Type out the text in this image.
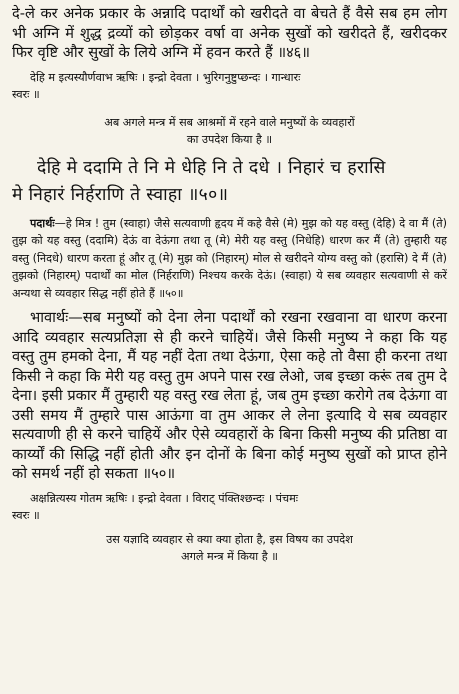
दे-ले कर अनेक प्रकार के अन्नादि पदार्थों को खरीदते वा बेचते हैं वैसे सब हम लोग भी अग्नि में शुद्ध द्रव्यों को छोड़कर वर्षा वा अनेक सुखों को खरीदते हैं, खरीदकर फिर वृष्टि और सुखों के लिये अग्नि में हवन करते हैं ॥४६॥

देहि म इत्यस्यौर्णवाभ ऋषिः । इन्द्रो देवता । भुरिगनुष्टुप्छन्दः । गान्धारः

स्वरः ॥

अब अगले मन्त्र में सब आश्रमों में रहने वाले मनुष्यों के व्यवहारों

का उपदेश किया है ॥

देहि मे ददामि ते नि मे धेहि नि ते दधे । निहारं च हरासि

मे निहारं निर्हराणि ते स्वाहा ॥५०॥

पदार्थः—हे मित्र ! तुम (स्वाहा) जैसे सत्यवाणी हृदय में कहे वैसे (मे) मुझ को यह वस्तु (देहि) दे वा मैं (ते) तुझ को यह वस्तु (ददामि) देऊं वा देऊंगा तथा तू (मे) मेरी यह वस्तु (निधेहि) धारण कर मैं (ते) तुम्हारी यह वस्तु (निदधे) धारण करता हूं और तू (मे) मुझ को (निहारम्) मोल से खरीदने योग्य वस्तु को (हरासि) दे मैं (ते) तुझको (निहारम्) पदार्थों का मोल (निर्हराणि) निश्चय करके देऊं। (स्वाहा) ये सब व्यवहार सत्यवाणी से करें अन्यथा से व्यवहार सिद्ध नहीं होते हैं ॥५०॥

भावार्थः—सब मनुष्यों को देना लेना पदार्थों को रखना रखवाना वा धारण करना आदि व्यवहार सत्यप्रतिज्ञा से ही करने चाहियें। जैसे किसी मनुष्य ने कहा कि यह वस्तु तुम हमको देना, मैं यह नहीं देता तथा देऊंगा, ऐसा कहे तो वैसा ही करना तथा किसी ने कहा कि मेरी यह वस्तु तुम अपने पास रख लेओ, जब इच्छा करूं तब तुम दे देना। इसी प्रकार मैं तुम्हारी यह वस्तु रख लेता हूं, जब तुम इच्छा करोगे तब देऊंगा वा उसी समय मैं तुम्हारे पास आऊंगा वा तुम आकर ले लेना इत्यादि ये सब व्यवहार सत्यवाणी ही से करने चाहियें और ऐसे व्यवहारों के बिना किसी मनुष्य की प्रतिष्ठा वा कार्य्यों की सिद्धि नहीं होती और इन दोनों के बिना कोई मनुष्य सुखों को प्राप्त होने को समर्थ नहीं हो सकता ॥५०॥

अक्षन्नित्यस्य गोतम ऋषिः । इन्द्रो देवता । विराट् पंक्तिश्छन्दः । पंचमः

स्वरः ॥

उस यज्ञादि व्यवहार से क्या क्या होता है, इस विषय का उपदेश

अगले मन्त्र में किया है ॥
